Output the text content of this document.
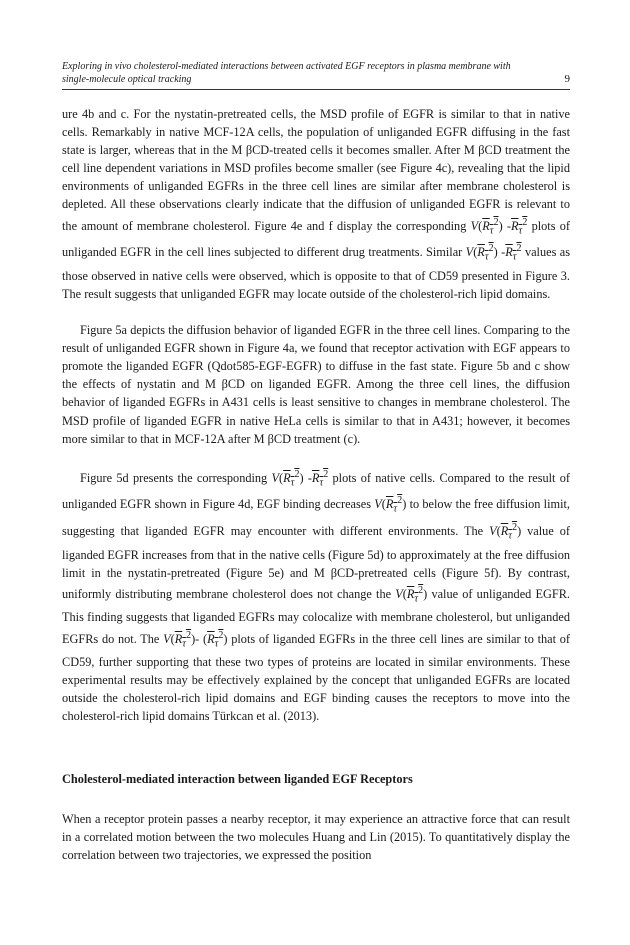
Exploring in vivo cholesterol-mediated interactions between activated EGF receptors in plasma membrane with
single-molecule optical tracking	9

ure 4b and c. For the nystatin-pretreated cells, the MSD profile of EGFR is similar to that in native cells. Remarkably in native MCF-12A cells, the population of unliganded EGFR diffusing in the fast state is larger, whereas that in the M βCD-treated cells it becomes smaller. After M βCD treatment the cell line dependent variations in MSD profiles become smaller (see Figure 4c), revealing that the lipid environments of unliganded EGFRs in the three cell lines are similar after membrane cholesterol is depleted. All these observations clearly indicate that the diffusion of unliganded EGFR is relevant to the amount of membrane cholesterol. Figure 4e and f display the corresponding $V(R_\tau^2)$ $-R_\tau^2$ plots of unliganded EGFR in the cell lines subjected to different drug treatments. Similar $V(R_\tau^2)$ $-R_\tau^2$ values as those observed in native cells were observed, which is opposite to that of CD59 presented in Figure 3. The result suggests that unliganded EGFR may locate outside of the cholesterol-rich lipid domains.

Figure 5a depicts the diffusion behavior of liganded EGFR in the three cell lines. Comparing to the result of unliganded EGFR shown in Figure 4a, we found that receptor activation with EGF appears to promote the liganded EGFR (Qdot585-EGF-EGFR) to diffuse in the fast state. Figure 5b and c show the effects of nystatin and M βCD on liganded EGFR. Among the three cell lines, the diffusion behavior of liganded EGFRs in A431 cells is least sensitive to changes in membrane cholesterol. The MSD profile of liganded EGFR in native HeLa cells is similar to that in A431; however, it becomes more similar to that in MCF-12A after M βCD treatment (c).

Figure 5d presents the corresponding $V(R_\tau^2)$ $-R_\tau^2$ plots of native cells. Compared to the result of unliganded EGFR shown in Figure 4d, EGF binding decreases $V(R_\tau^2)$ to below the free diffusion limit, suggesting that liganded EGFR may encounter with different environments. The $V(R_\tau^2)$ value of liganded EGFR increases from that in the native cells (Figure 5d) to approximately at the free diffusion limit in the nystatin-pretreated (Figure 5e) and M βCD-pretreated cells (Figure 5f). By contrast, uniformly distributing membrane cholesterol does not change the $V(R_\tau^2)$ value of unliganded EGFR. This finding suggests that liganded EGFRs may colocalize with membrane cholesterol, but unliganded EGFRs do not. The $V(R_\tau^2)-$ $(R_\tau^2)$ plots of liganded EGFRs in the three cell lines are similar to that of CD59, further supporting that these two types of proteins are located in similar environments. These experimental results may be effectively explained by the concept that unliganded EGFRs are located outside the cholesterol-rich lipid domains and EGF binding causes the receptors to move into the cholesterol-rich lipid domains Türkcan et al. (2013).

Cholesterol-mediated interaction between liganded EGF Receptors

When a receptor protein passes a nearby receptor, it may experience an attractive force that can result in a correlated motion between the two molecules Huang and Lin (2015). To quantitatively display the correlation between two trajectories, we expressed the position
